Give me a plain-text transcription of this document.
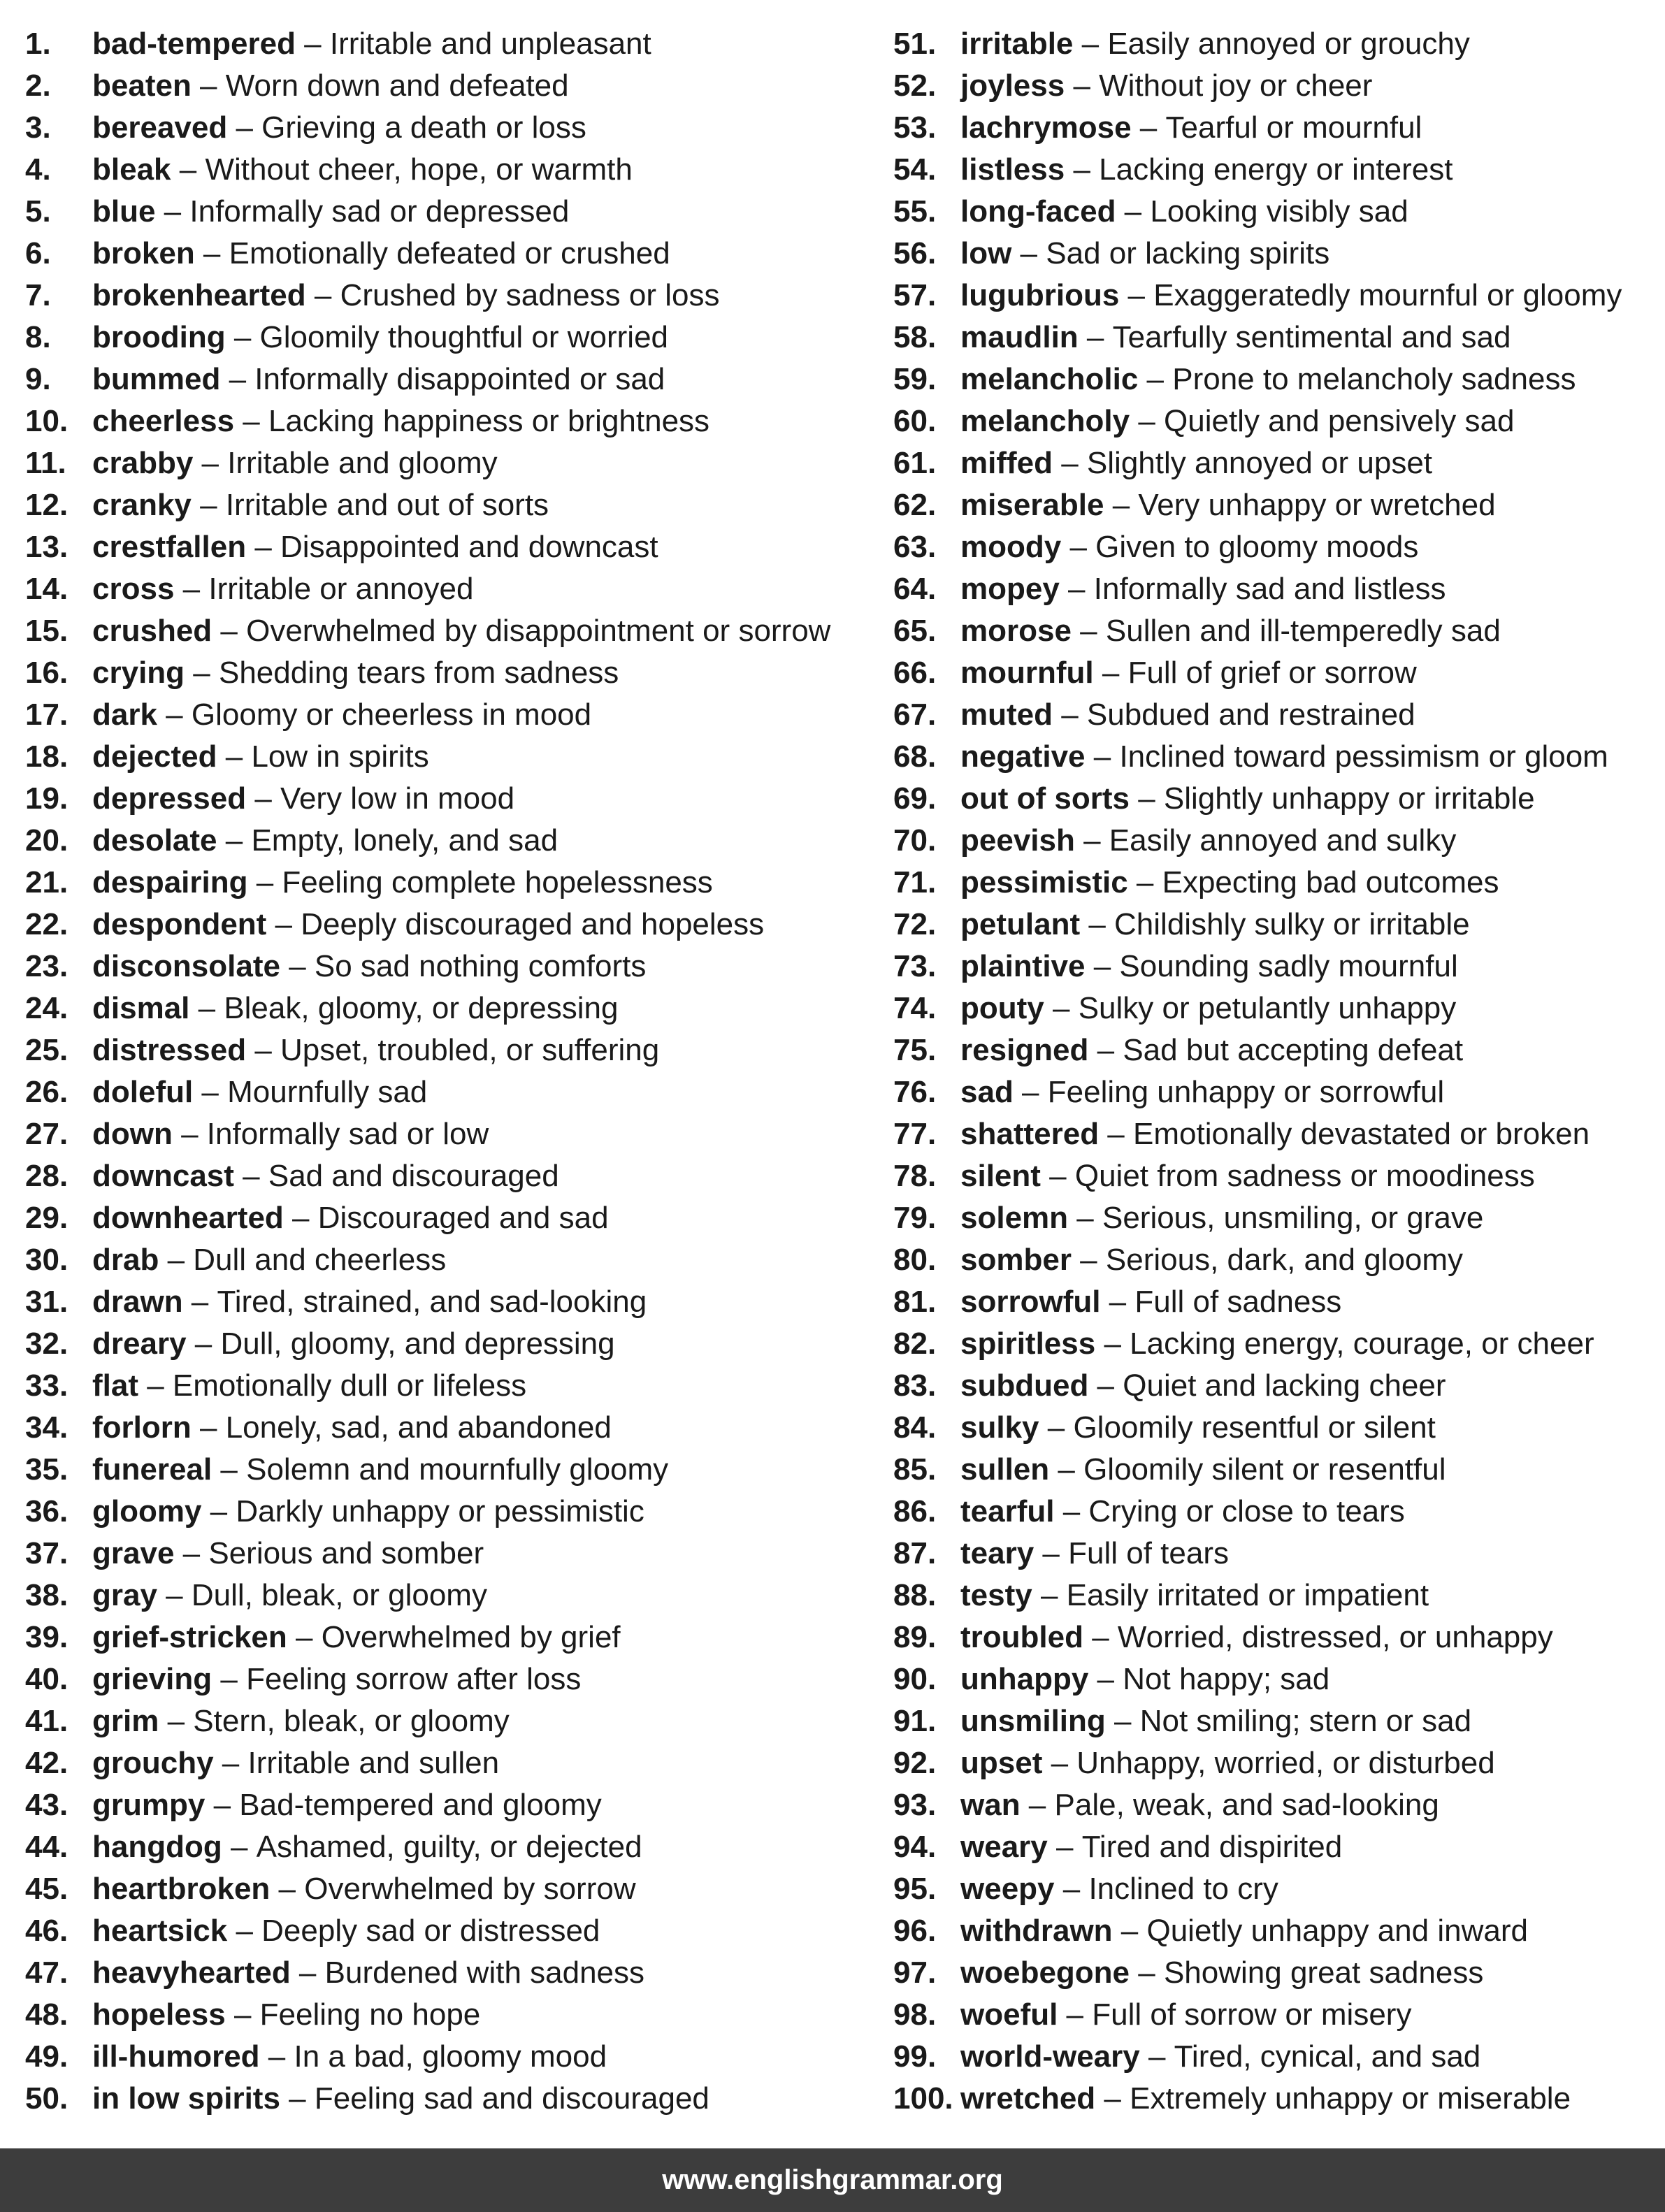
1.	bad-tempered – Irritable and unpleasant
2.	beaten – Worn down and defeated
3.	bereaved – Grieving a death or loss
4.	bleak – Without cheer, hope, or warmth
5.	blue – Informally sad or depressed
6.	broken – Emotionally defeated or crushed
7.	brokenhearted – Crushed by sadness or loss
8.	brooding – Gloomily thoughtful or worried
9.	bummed – Informally disappointed or sad
10. cheerless – Lacking happiness or brightness
11. crabby – Irritable and gloomy
12. cranky – Irritable and out of sorts
13. crestfallen – Disappointed and downcast
14. cross – Irritable or annoyed
15. crushed – Overwhelmed by disappointment or sorrow
16. crying – Shedding tears from sadness
17. dark – Gloomy or cheerless in mood
18. dejected – Low in spirits
19. depressed – Very low in mood
20. desolate – Empty, lonely, and sad
21. despairing – Feeling complete hopelessness
22. despondent – Deeply discouraged and hopeless
23. disconsolate – So sad nothing comforts
24. dismal – Bleak, gloomy, or depressing
25. distressed – Upset, troubled, or suffering
26. doleful – Mournfully sad
27. down – Informally sad or low
28. downcast – Sad and discouraged
29. downhearted – Discouraged and sad
30. drab – Dull and cheerless
31. drawn – Tired, strained, and sad-looking
32. dreary – Dull, gloomy, and depressing
33. flat – Emotionally dull or lifeless
34. forlorn – Lonely, sad, and abandoned
35. funereal – Solemn and mournfully gloomy
36. gloomy – Darkly unhappy or pessimistic
37. grave – Serious and somber
38. gray – Dull, bleak, or gloomy
39. grief-stricken – Overwhelmed by grief
40. grieving – Feeling sorrow after loss
41. grim – Stern, bleak, or gloomy
42. grouchy – Irritable and sullen
43. grumpy – Bad-tempered and gloomy
44. hangdog – Ashamed, guilty, or dejected
45. heartbroken – Overwhelmed by sorrow
46. heartsick – Deeply sad or distressed
47. heavyhearted – Burdened with sadness
48. hopeless – Feeling no hope
49. ill-humored – In a bad, gloomy mood
50. in low spirits – Feeling sad and discouraged
51. irritable – Easily annoyed or grouchy
52. joyless – Without joy or cheer
53. lachrymose – Tearful or mournful
54. listless – Lacking energy or interest
55. long-faced – Looking visibly sad
56. low – Sad or lacking spirits
57. lugubrious – Exaggeratedly mournful or gloomy
58. maudlin – Tearfully sentimental and sad
59. melancholic – Prone to melancholy sadness
60. melancholy – Quietly and pensively sad
61. miffed – Slightly annoyed or upset
62. miserable – Very unhappy or wretched
63. moody – Given to gloomy moods
64. mopey – Informally sad and listless
65. morose – Sullen and ill-temperedly sad
66. mournful – Full of grief or sorrow
67. muted – Subdued and restrained
68. negative – Inclined toward pessimism or gloom
69. out of sorts – Slightly unhappy or irritable
70. peevish – Easily annoyed and sulky
71. pessimistic – Expecting bad outcomes
72. petulant – Childishly sulky or irritable
73. plaintive – Sounding sadly mournful
74. pouty – Sulky or petulantly unhappy
75. resigned – Sad but accepting defeat
76. sad – Feeling unhappy or sorrowful
77. shattered – Emotionally devastated or broken
78. silent – Quiet from sadness or moodiness
79. solemn – Serious, unsmiling, or grave
80. somber – Serious, dark, and gloomy
81. sorrowful – Full of sadness
82. spiritless – Lacking energy, courage, or cheer
83. subdued – Quiet and lacking cheer
84. sulky – Gloomily resentful or silent
85. sullen – Gloomily silent or resentful
86. tearful – Crying or close to tears
87. teary – Full of tears
88. testy – Easily irritated or impatient
89. troubled – Worried, distressed, or unhappy
90. unhappy – Not happy; sad
91. unsmiling – Not smiling; stern or sad
92. upset – Unhappy, worried, or disturbed
93. wan – Pale, weak, and sad-looking
94. weary – Tired and dispirited
95. weepy – Inclined to cry
96. withdrawn – Quietly unhappy and inward
97. woebegone – Showing great sadness
98. woeful – Full of sorrow or misery
99. world-weary – Tired, cynical, and sad
100. wretched – Extremely unhappy or miserable
www.englishgrammar.org
